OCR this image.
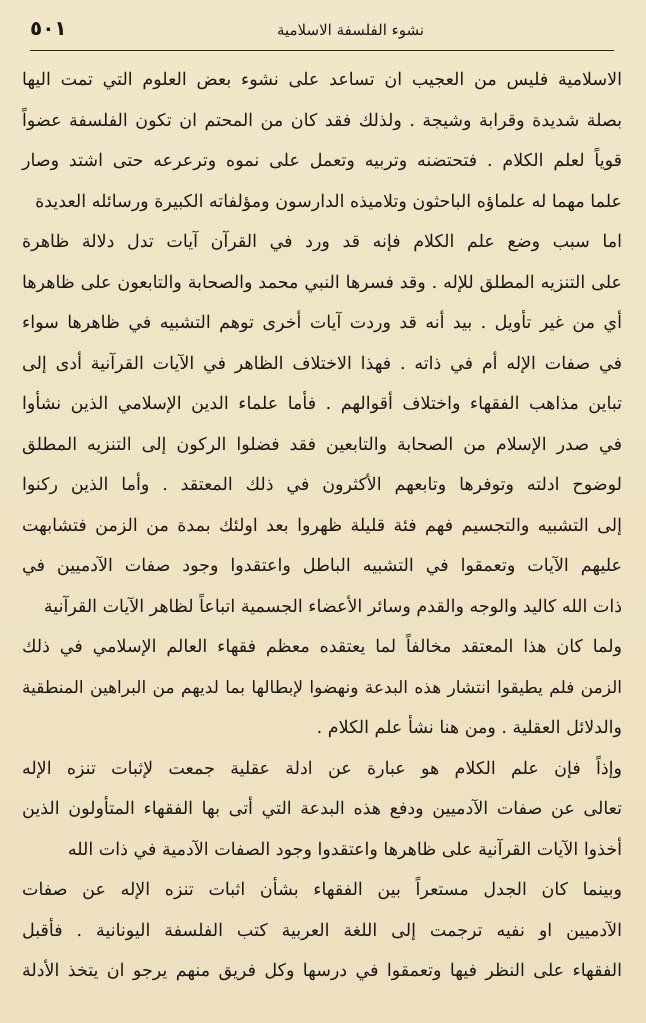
نشوء الفلسفة الاسلامية
٥٠١
الاسلامية فليس من العجيب ان تساعد على نشوء بعض العلوم التي تمت اليها
بصلة شديدة وقرابة وشيجة . ولذلك فقد كان من المحتم ان تكون الفلسفة عضواً
قوياً لعلم الكلام . فتحتضنه وتربيه وتعمل على نموه وترعرعه حتى اشتد وصار
علما مهما له علماؤه الباحثون وتلاميذه الدارسون ومؤلفاته الكبيرة ورسائله العديدة
اما سبب وضع علم الكلام فإنه قد ورد في القرآن آيات تدل دلالة ظاهرة
على التنزيه المطلق للإله . وقد فسرها النبي محمد والصحابة والتابعون على ظاهرها
أي من غير تأويل . بيد أنه قد وردت آيات أخرى توهم التشبيه في ظاهرها سواء
في صفات الإله أم في ذاته . فهذا الاختلاف الظاهر في الآيات القرآنية أدى إلى
تباين مذاهب الفقهاء واختلاف أقوالهم . فأما علماء الدين الإسلامي الذين نشأوا
في صدر الإسلام من الصحابة والتابعين فقد فضلوا الركون إلى التنزيه المطلق
لوضوح ادلته وتوفرها وتابعهم الأكثرون في ذلك المعتقد . وأما الذين ركنوا
إلى التشبيه والتجسيم فهم فئة قليلة ظهروا بعد اولئك بمدة من الزمن فتشابهت
عليهم الآيات وتعمقوا في التشبيه الباطل واعتقدوا وجود صفات الآدميين في
ذات الله كاليد والوجه والقدم وسائر الأعضاء الجسمية اتباعاً لظاهر الآيات القرآنية
ولما كان هذا المعتقد مخالفاً لما يعتقده معظم فقهاء العالم الإسلامي في ذلك
الزمن فلم يطيقوا انتشار هذه البدعة ونهضوا لإبطالها بما لديهم من البراهين المنطقية
والدلائل العقلية . ومن هنا نشأ علم الكلام .
وإذاً فإن علم الكلام هو عبارة عن ادلة عقلية جمعت لإثبات تنزه الإله
تعالى عن صفات الآدميين ودفع هذه البدعة التي أتى بها الفقهاء المتأولون الذين
أخذوا الآيات القرآنية على ظاهرها واعتقدوا وجود الصفات الآدمية في ذات الله
وبينما كان الجدل مستعراً بين الفقهاء بشأن اثبات تنزه الإله عن صفات
الآدميين او نفيه ترجمت إلى اللغة العربية كتب الفلسفة اليونانية . فأقبل
الفقهاء على النظر فيها وتعمقوا في درسها وكل فريق منهم يرجو ان يتخذ الأدلة
